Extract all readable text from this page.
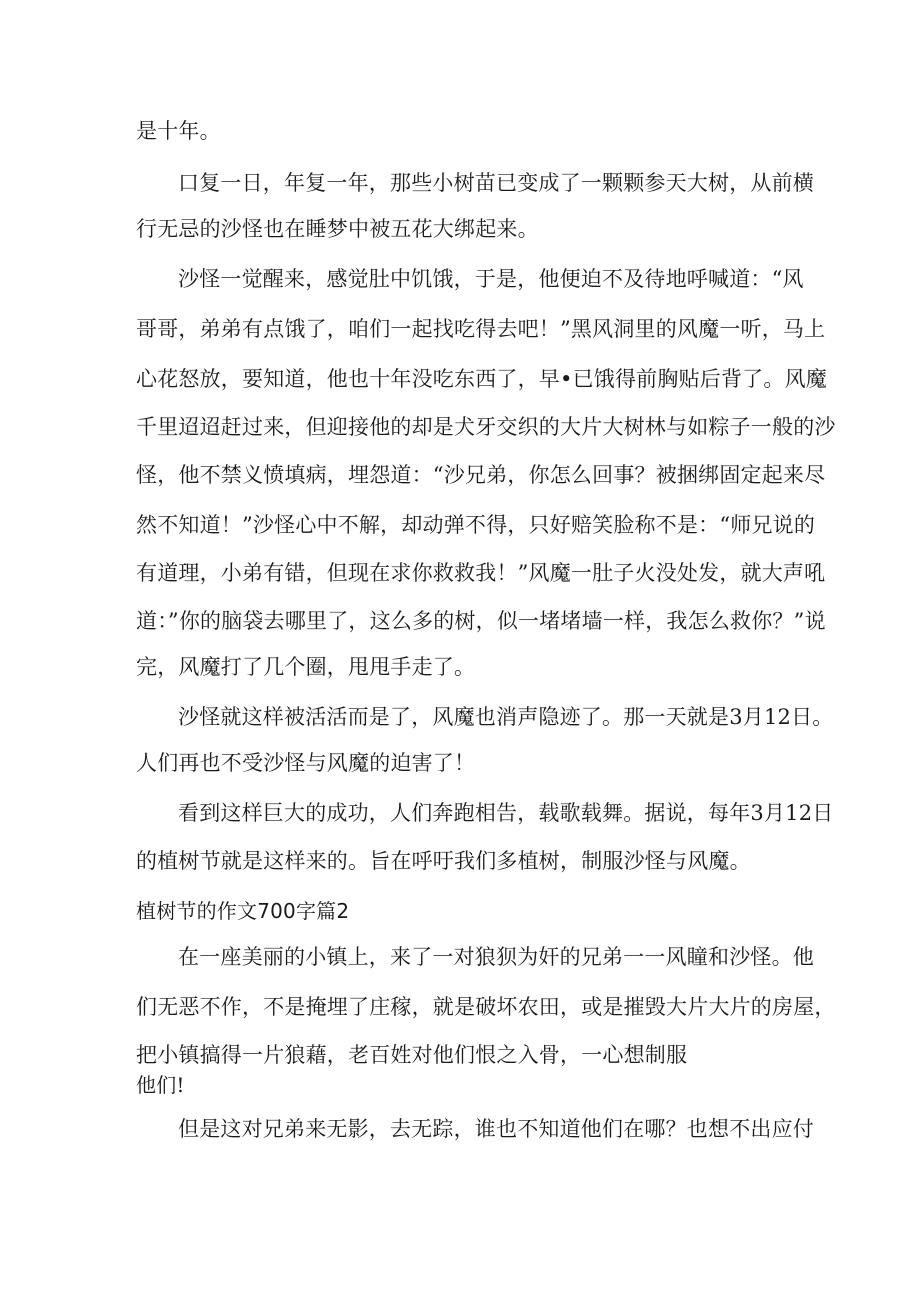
是十年。
口复一日，年复一年，那些小树苗已变成了一颗颗参天大树，从前横
行无忌的沙怪也在睡梦中被五花大绑起来。
沙怪一觉醒来，感觉肚中饥饿，于是，他便迫不及待地呼喊道：“风
哥哥，弟弟有点饿了，咱们一起找吃得去吧！”黑风洞里的风魔一听，马上
心花怒放，要知道，他也十年没吃东西了，早•已饿得前胸贴后背了。风魔
千里迢迢赶过来，但迎接他的却是犬牙交织的大片大树林与如粽子一般的沙
怪，他不禁义愤填病，埋怨道：“沙兄弟，你怎么回事？被捆绑固定起来尽
然不知道！”沙怪心中不解，却动弹不得，只好赔笑脸称不是：“师兄说的
有道理，小弟有错，但现在求你救救我！”风魔一肚子火没处发，就大声吼
道：”你的脑袋去哪里了，这么多的树，似一堵堵墙一样，我怎么救你？”说
完，风魔打了几个圈，甩甩手走了。
沙怪就这样被活活而是了，风魔也消声隐迹了。那一天就是3月12日。
人们再也不受沙怪与风魔的迫害了！
看到这样巨大的成功，人们奔跑相告，载歌载舞。据说，每年3月12日
的植树节就是这样来的。旨在呼吁我们多植树，制服沙怪与风魔。
植树节的作文700字篇2
在一座美丽的小镇上，来了一对狼狈为奸的兄弟一一风瞳和沙怪。他
们无恶不作，不是掩埋了庄稼，就是破坏农田，或是摧毁大片大片的房屋，
把小镇搞得一片狼藉，老百姓对他们恨之入骨，一心想制服
他们!
但是这对兄弟来无影，去无踪，谁也不知道他们在哪？也想不出应付
